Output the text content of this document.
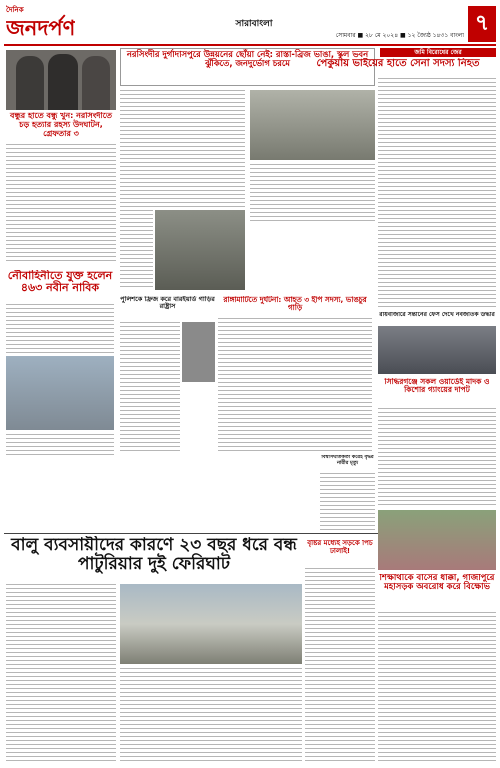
দৈনিক
জনদর্পণ	সারাবাংলা
সোমবার ■ ২৮ মে ২০২৪ ■ ১২ জ্যৈষ্ঠ ১৪৩১ বাংলা ৭
বন্ধুর হাতে বন্ধু খুন: নরসিংদীতে চড় হত্যার রহস্য উদঘাটন, গ্রেফতার ৩
নৌবাহিনীতে যুক্ত হলেন ৪৬৩ নবীন নাবিক
নরসিংদীর দুর্গাদাসপুরে উন্নয়নের ছোঁয়া নেই: রাস্তা-ব্রিজ ভাঙা, স্কুল ভবন ঝুঁকিতে, জনদুর্ভোগ চরমে
জমি বিরোধের জের
পেকুয়ায় ভাইয়ের হাতে সেনা সদস্য নিহত
পুলিশকে ফ্রিজ করে বারইয়ার্ড গাড়ির রাষ্ট্রাস
রাঙ্গামাটিতে দুর্ঘটনা: আহত ৩ ইপি সদস্য, ভাঙচুর গাড়ি
রায়বাজারে সন্তানের ফেস দেখে নবজাতক উদ্ধার
সিদ্ধিরগঞ্জে সকল ওয়ার্ডেই মাদক ও কিশোর গ্যাংয়ের দাপট
বিশ্বাসঘাতকতা করেই বৃদ্ধর নারীর মৃত্যু
বালু ব্যবসায়ীদের কারণে ২৩ বছর ধরে বন্ধ পাটুরিয়ার দুই ফেরিঘাট
বৃষ্টির মধ্যেই সড়কে পিচ ঢালাই!
শিক্ষার্থীকে বাসের ধাক্কা, গাজীপুরে মহাসড়ক অবরোধ করে বিক্ষোভ
